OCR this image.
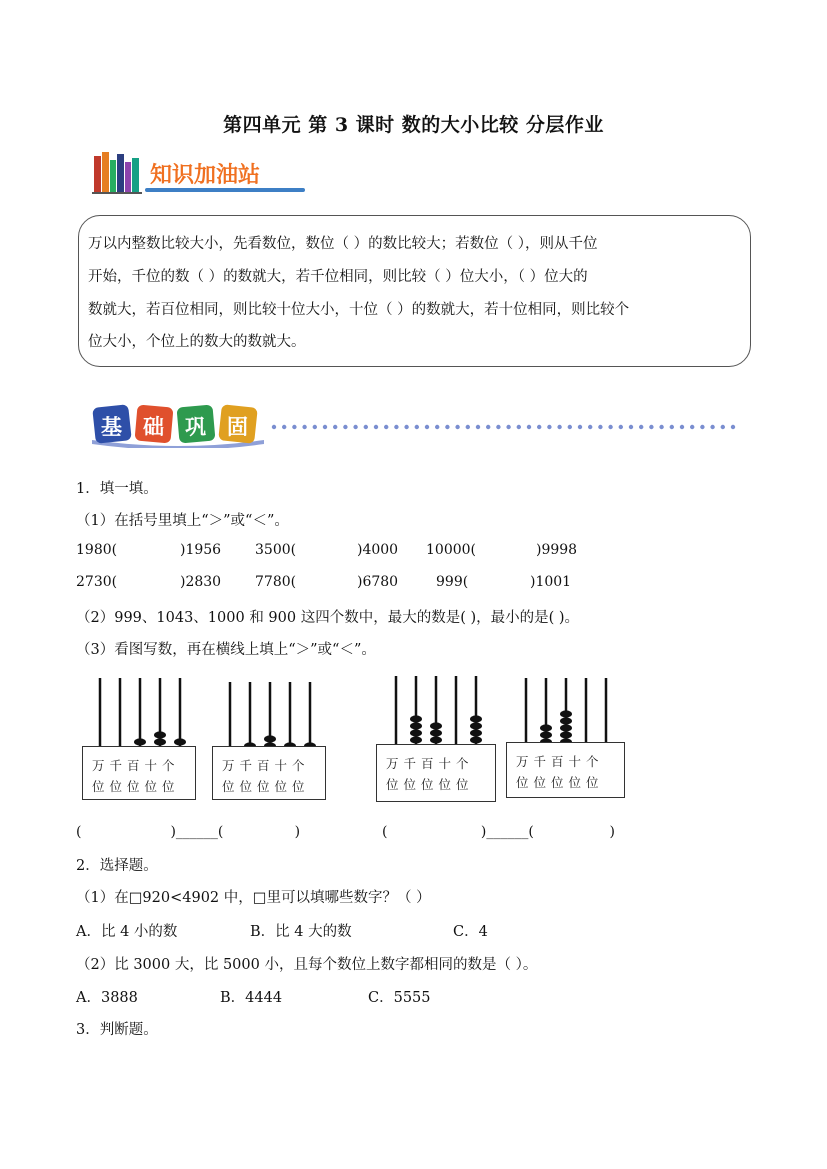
第四单元 第 3 课时 数的大小比较 分层作业
知识加油站
万以内整数比较大小，先看数位，数位（ ）的数比较大；若数位（ ），则从千位
开始，千位的数（ ）的数就大，若千位相同，则比较（ ）位大小，（ ）位大的
数就大，若百位相同，则比较十位大小，十位（ ）的数就大，若十位相同，则比较个
位大小，个位上的数大的数就大。
基 础 巩 固
1．填一填。
（1）在括号里填上“＞”或“＜”。
1980(	)1956 3500(	)4000 10000(	)9998
2730(	)2830 7780(	)6780	999(	)1001
（2）999、1043、1000 和 900 这四个数中，最大的数是( )，最小的是( )。
（3）看图写数，再在横线上填上“＞”或“＜”。
万千百十个
位位位位位
万千百十个
位位位位位
万千百十个
位位位位位
万千百十个
位位位位位
(                    )______(                )	(                     )______(                 )
2．选择题。
（1）在□920<4902 中，□里可以填哪些数字？（ ）
A．比 4 小的数	B．比 4 大的数	C．4
（2）比 3000 大，比 5000 小，且每个数位上数字都相同的数是（ ）。
A．3888	B．4444	C．5555
3．判断题。
